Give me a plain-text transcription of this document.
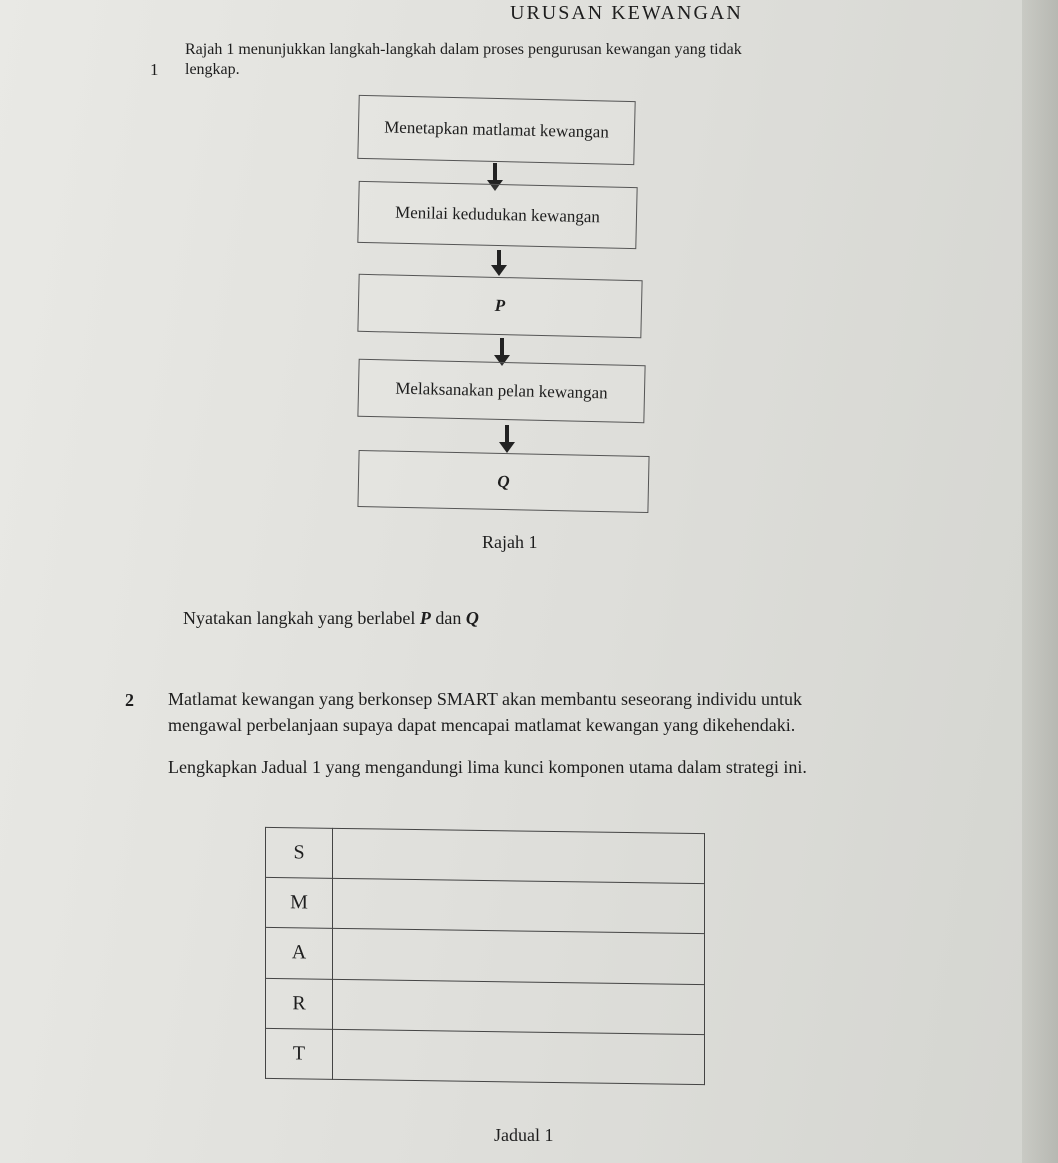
URUSAN KEWANGAN
1
Rajah 1 menunjukkan langkah-langkah dalam proses pengurusan kewangan yang tidak
lengkap.
Menetapkan matlamat kewangan
Menilai kedudukan kewangan
P
Melaksanakan pelan kewangan
Q
Rajah 1
Nyatakan langkah yang berlabel P dan Q
2 Matlamat kewangan yang berkonsep SMART akan membantu seseorang individu untuk
mengawal perbelanjaan supaya dapat mencapai matlamat kewangan yang dikehendaki.
Lengkapkan Jadual 1 yang mengandungi lima kunci komponen utama dalam strategi ini.
S	
M	
A	
R	
T	
Jadual 1
